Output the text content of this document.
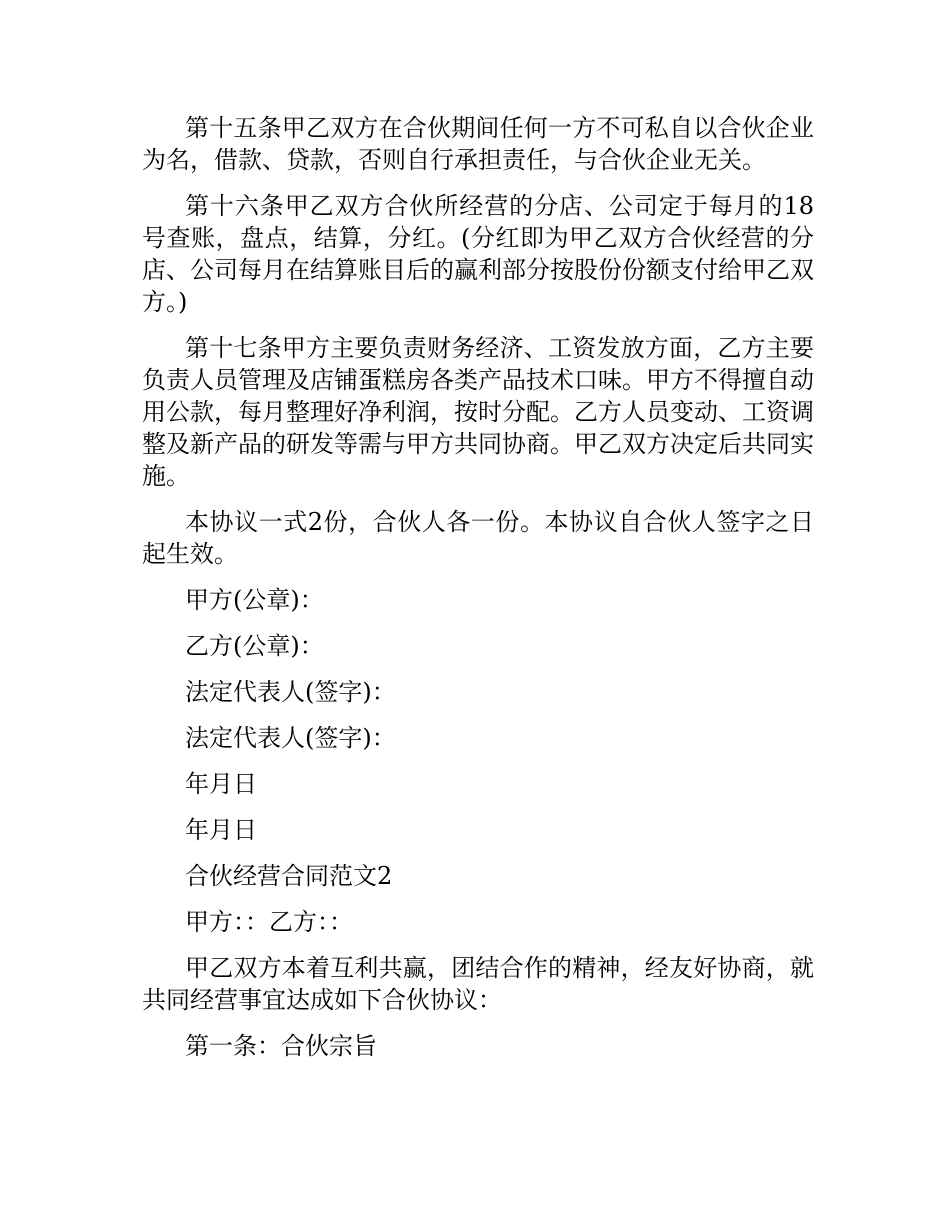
第十五条甲乙双方在合伙期间任何一方不可私自以合伙企业为名，借款、贷款，否则自行承担责任，与合伙企业无关。

第十六条甲乙双方合伙所经营的分店、公司定于每月的18号查账，盘点，结算，分红。(分红即为甲乙双方合伙经营的分店、公司每月在结算账目后的赢利部分按股份份额支付给甲乙双方。)

第十七条甲方主要负责财务经济、工资发放方面，乙方主要负责人员管理及店铺蛋糕房各类产品技术口味。甲方不得擅自动用公款，每月整理好净利润，按时分配。乙方人员变动、工资调整及新产品的研发等需与甲方共同协商。甲乙双方决定后共同实施。

本协议一式2份，合伙人各一份。本协议自合伙人签字之日起生效。

甲方(公章)：

乙方(公章)：

法定代表人(签字)：

法定代表人(签字)：

年月日

年月日

合伙经营合同范文2

甲方：：乙方：：

甲乙双方本着互利共赢，团结合作的精神，经友好协商，就共同经营事宜达成如下合伙协议：

第一条：合伙宗旨
